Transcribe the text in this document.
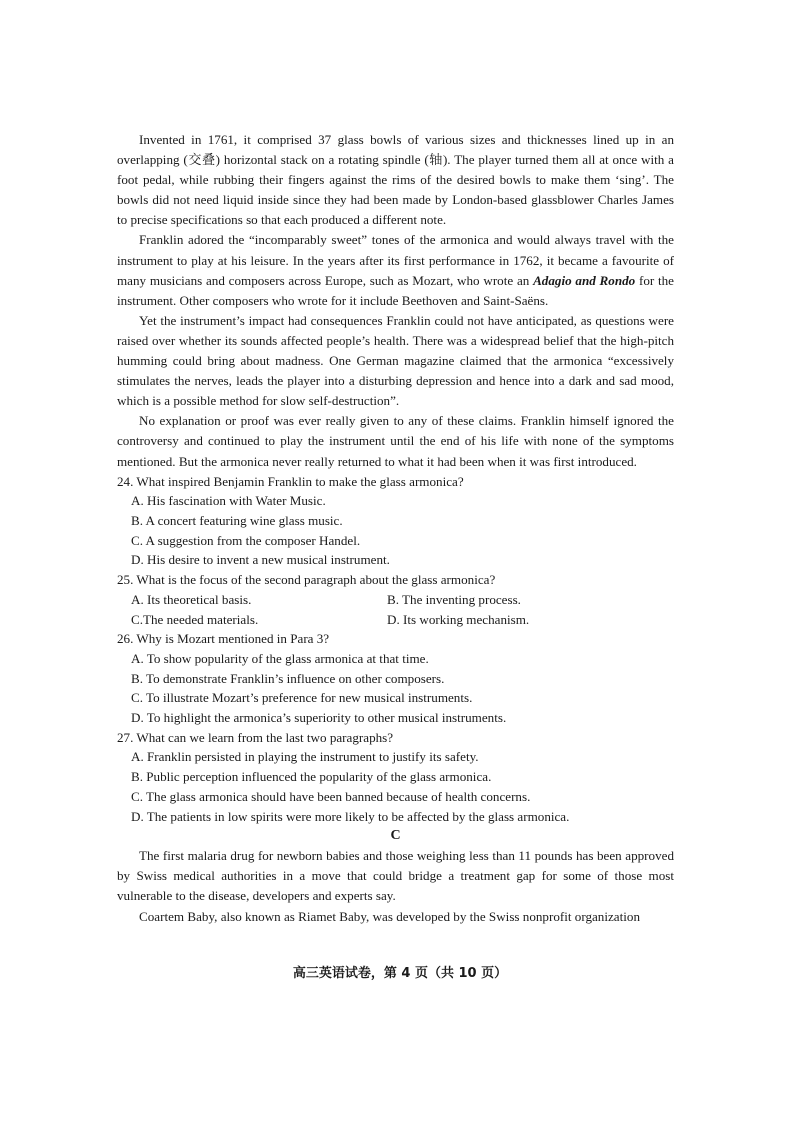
Invented in 1761, it comprised 37 glass bowls of various sizes and thicknesses lined up in an overlapping (交叠) horizontal stack on a rotating spindle (轴). The player turned them all at once with a foot pedal, while rubbing their fingers against the rims of the desired bowls to make them ‘sing’. The bowls did not need liquid inside since they had been made by London-based glassblower Charles James to precise specifications so that each produced a different note.

Franklin adored the “incomparably sweet” tones of the armonica and would always travel with the instrument to play at his leisure. In the years after its first performance in 1762, it became a favourite of many musicians and composers across Europe, such as Mozart, who wrote an Adagio and Rondo for the instrument. Other composers who wrote for it include Beethoven and Saint-Saëns.

Yet the instrument’s impact had consequences Franklin could not have anticipated, as questions were raised over whether its sounds affected people’s health. There was a widespread belief that the high-pitch humming could bring about madness. One German magazine claimed that the armonica “excessively stimulates the nerves, leads the player into a disturbing depression and hence into a dark and sad mood, which is a possible method for slow self-destruction”.

No explanation or proof was ever really given to any of these claims. Franklin himself ignored the controversy and continued to play the instrument until the end of his life with none of the symptoms mentioned. But the armonica never really returned to what it had been when it was first introduced.

24. What inspired Benjamin Franklin to make the glass armonica?

A. His fascination with Water Music.

B. A concert featuring wine glass music.

C. A suggestion from the composer Handel.

D. His desire to invent a new musical instrument.

25. What is the focus of the second paragraph about the glass armonica?

A. Its theoretical basis.	B. The inventing process.
C.The needed materials.	D. Its working mechanism.

26. Why is Mozart mentioned in Para 3?

A. To show popularity of the glass armonica at that time.

B. To demonstrate Franklin’s influence on other composers.

C. To illustrate Mozart’s preference for new musical instruments.

D. To highlight the armonica’s superiority to other musical instruments.

27. What can we learn from the last two paragraphs?

A. Franklin persisted in playing the instrument to justify its safety.

B. Public perception influenced the popularity of the glass armonica.

C. The glass armonica should have been banned because of health concerns.

D. The patients in low spirits were more likely to be affected by the glass armonica.

C

The first malaria drug for newborn babies and those weighing less than 11 pounds has been approved by Swiss medical authorities in a move that could bridge a treatment gap for some of those most vulnerable to the disease, developers and experts say.

Coartem Baby, also known as Riamet Baby, was developed by the Swiss nonprofit organization

高三英语试卷，第 4 页（共 10 页）
